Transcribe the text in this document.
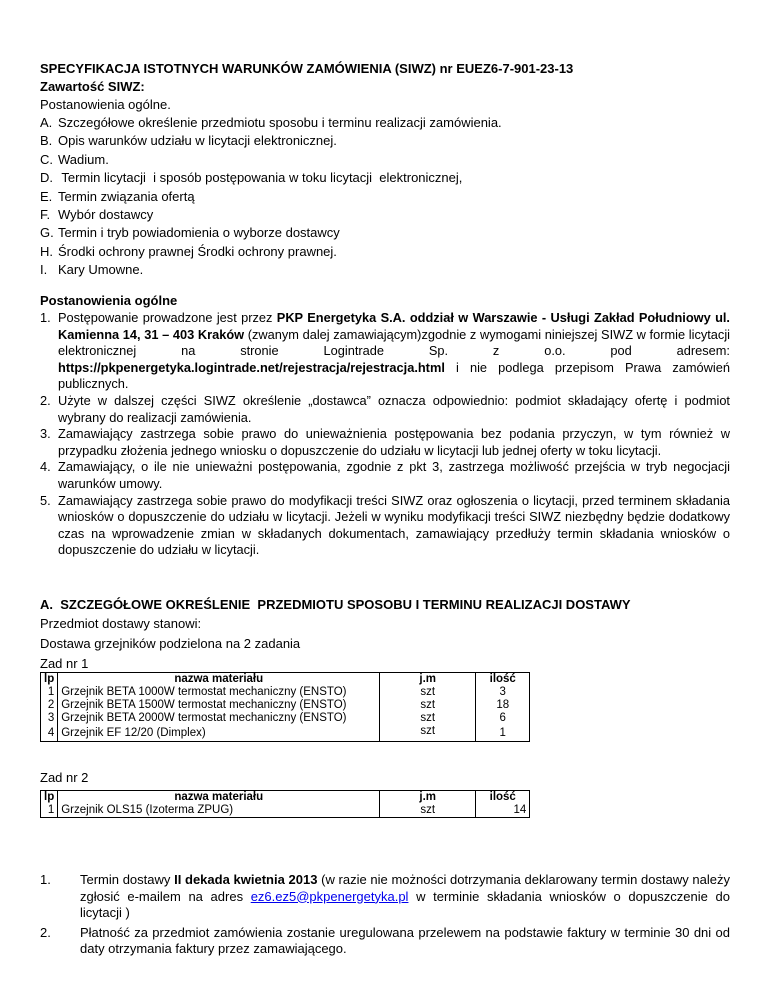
SPECYFIKACJA ISTOTNYCH WARUNKÓW ZAMÓWIENIA (SIWZ) nr EUEZ6-7-901-23-13
Zawartość SIWZ:
Postanowienia ogólne.
A. Szczegółowe określenie przedmiotu sposobu i terminu realizacji zamówienia.
B. Opis warunków udziału w licytacji elektronicznej.
C. Wadium.
D. Termin licytacji  i sposób postępowania w toku licytacji  elektronicznej,
E. Termin związania ofertą
F. Wybór dostawcy
G. Termin i tryb powiadomienia o wyborze dostawcy
H. Środki ochrony prawnej Środki ochrony prawnej.
I. Kary Umowne.
Postanowienia ogólne
1. Postępowanie prowadzone jest przez PKP Energetyka S.A. oddział w Warszawie - Usługi Zakład Południowy ul. Kamienna 14, 31 – 403 Kraków (zwanym dalej zamawiającym)zgodnie z wymogami niniejszej SIWZ w formie licytacji elektronicznej na stronie Logintrade Sp. z o.o. pod adresem: https://pkpenergetyka.logintrade.net/rejestracja/rejestracja.html i nie podlega przepisom Prawa zamówień publicznych.
2. Użyte w dalszej części SIWZ określenie „dostawca” oznacza odpowiednio: podmiot składający ofertę i podmiot wybrany do realizacji zamówienia.
3. Zamawiający zastrzega sobie prawo do unieważnienia postępowania bez podania przyczyn, w tym również w przypadku złożenia jednego wniosku o dopuszczenie do udziału w licytacji lub jednej oferty w toku licytacji.
4. Zamawiający, o ile nie unieważni postępowania, zgodnie z pkt 3, zastrzega możliwość przejścia w tryb negocjacji warunków umowy.
5. Zamawiający zastrzega sobie prawo do modyfikacji treści SIWZ oraz ogłoszenia o licytacji, przed terminem składania wniosków o dopuszczenie do udziału w licytacji. Jeżeli w wyniku modyfikacji treści SIWZ niezbędny będzie dodatkowy czas na wprowadzenie zmian w składanych dokumentach, zamawiający przedłuży termin składania wniosków o dopuszczenie do udziału w licytacji.
A.  SZCZEGÓŁOWE OKREŚLENIE  PRZEDMIOTU SPOSOBU I TERMINU REALIZACJI DOSTAWY
Przedmiot dostawy stanowi:
Dostawa grzejników podzielona na 2 zadania
Zad nr 1
lp	nazwa materiału	j.m	ilość
1	Grzejnik BETA 1000W termostat mechaniczny (ENSTO)	szt	3
2	Grzejnik BETA 1500W termostat mechaniczny (ENSTO)	szt	18
3	Grzejnik BETA 2000W termostat mechaniczny (ENSTO)	szt	6
4	Grzejnik EF 12/20 (Dimplex)	szt	1
Zad nr 2
lp	nazwa materiału	j.m	ilość
1	Grzejnik OLS15 (Izoterma ZPUG)	szt	14
1.	Termin dostawy II dekada kwietnia 2013 (w razie nie możności dotrzymania deklarowany termin dostawy należy zgłosić e-mailem na adres ez6.ez5@pkpenergetyka.pl w terminie składania wniosków o dopuszczenie do licytacji )
2.	Płatność za przedmiot zamówienia zostanie uregulowana przelewem na podstawie faktury w terminie 30 dni od daty otrzymania faktury przez zamawiającego.
